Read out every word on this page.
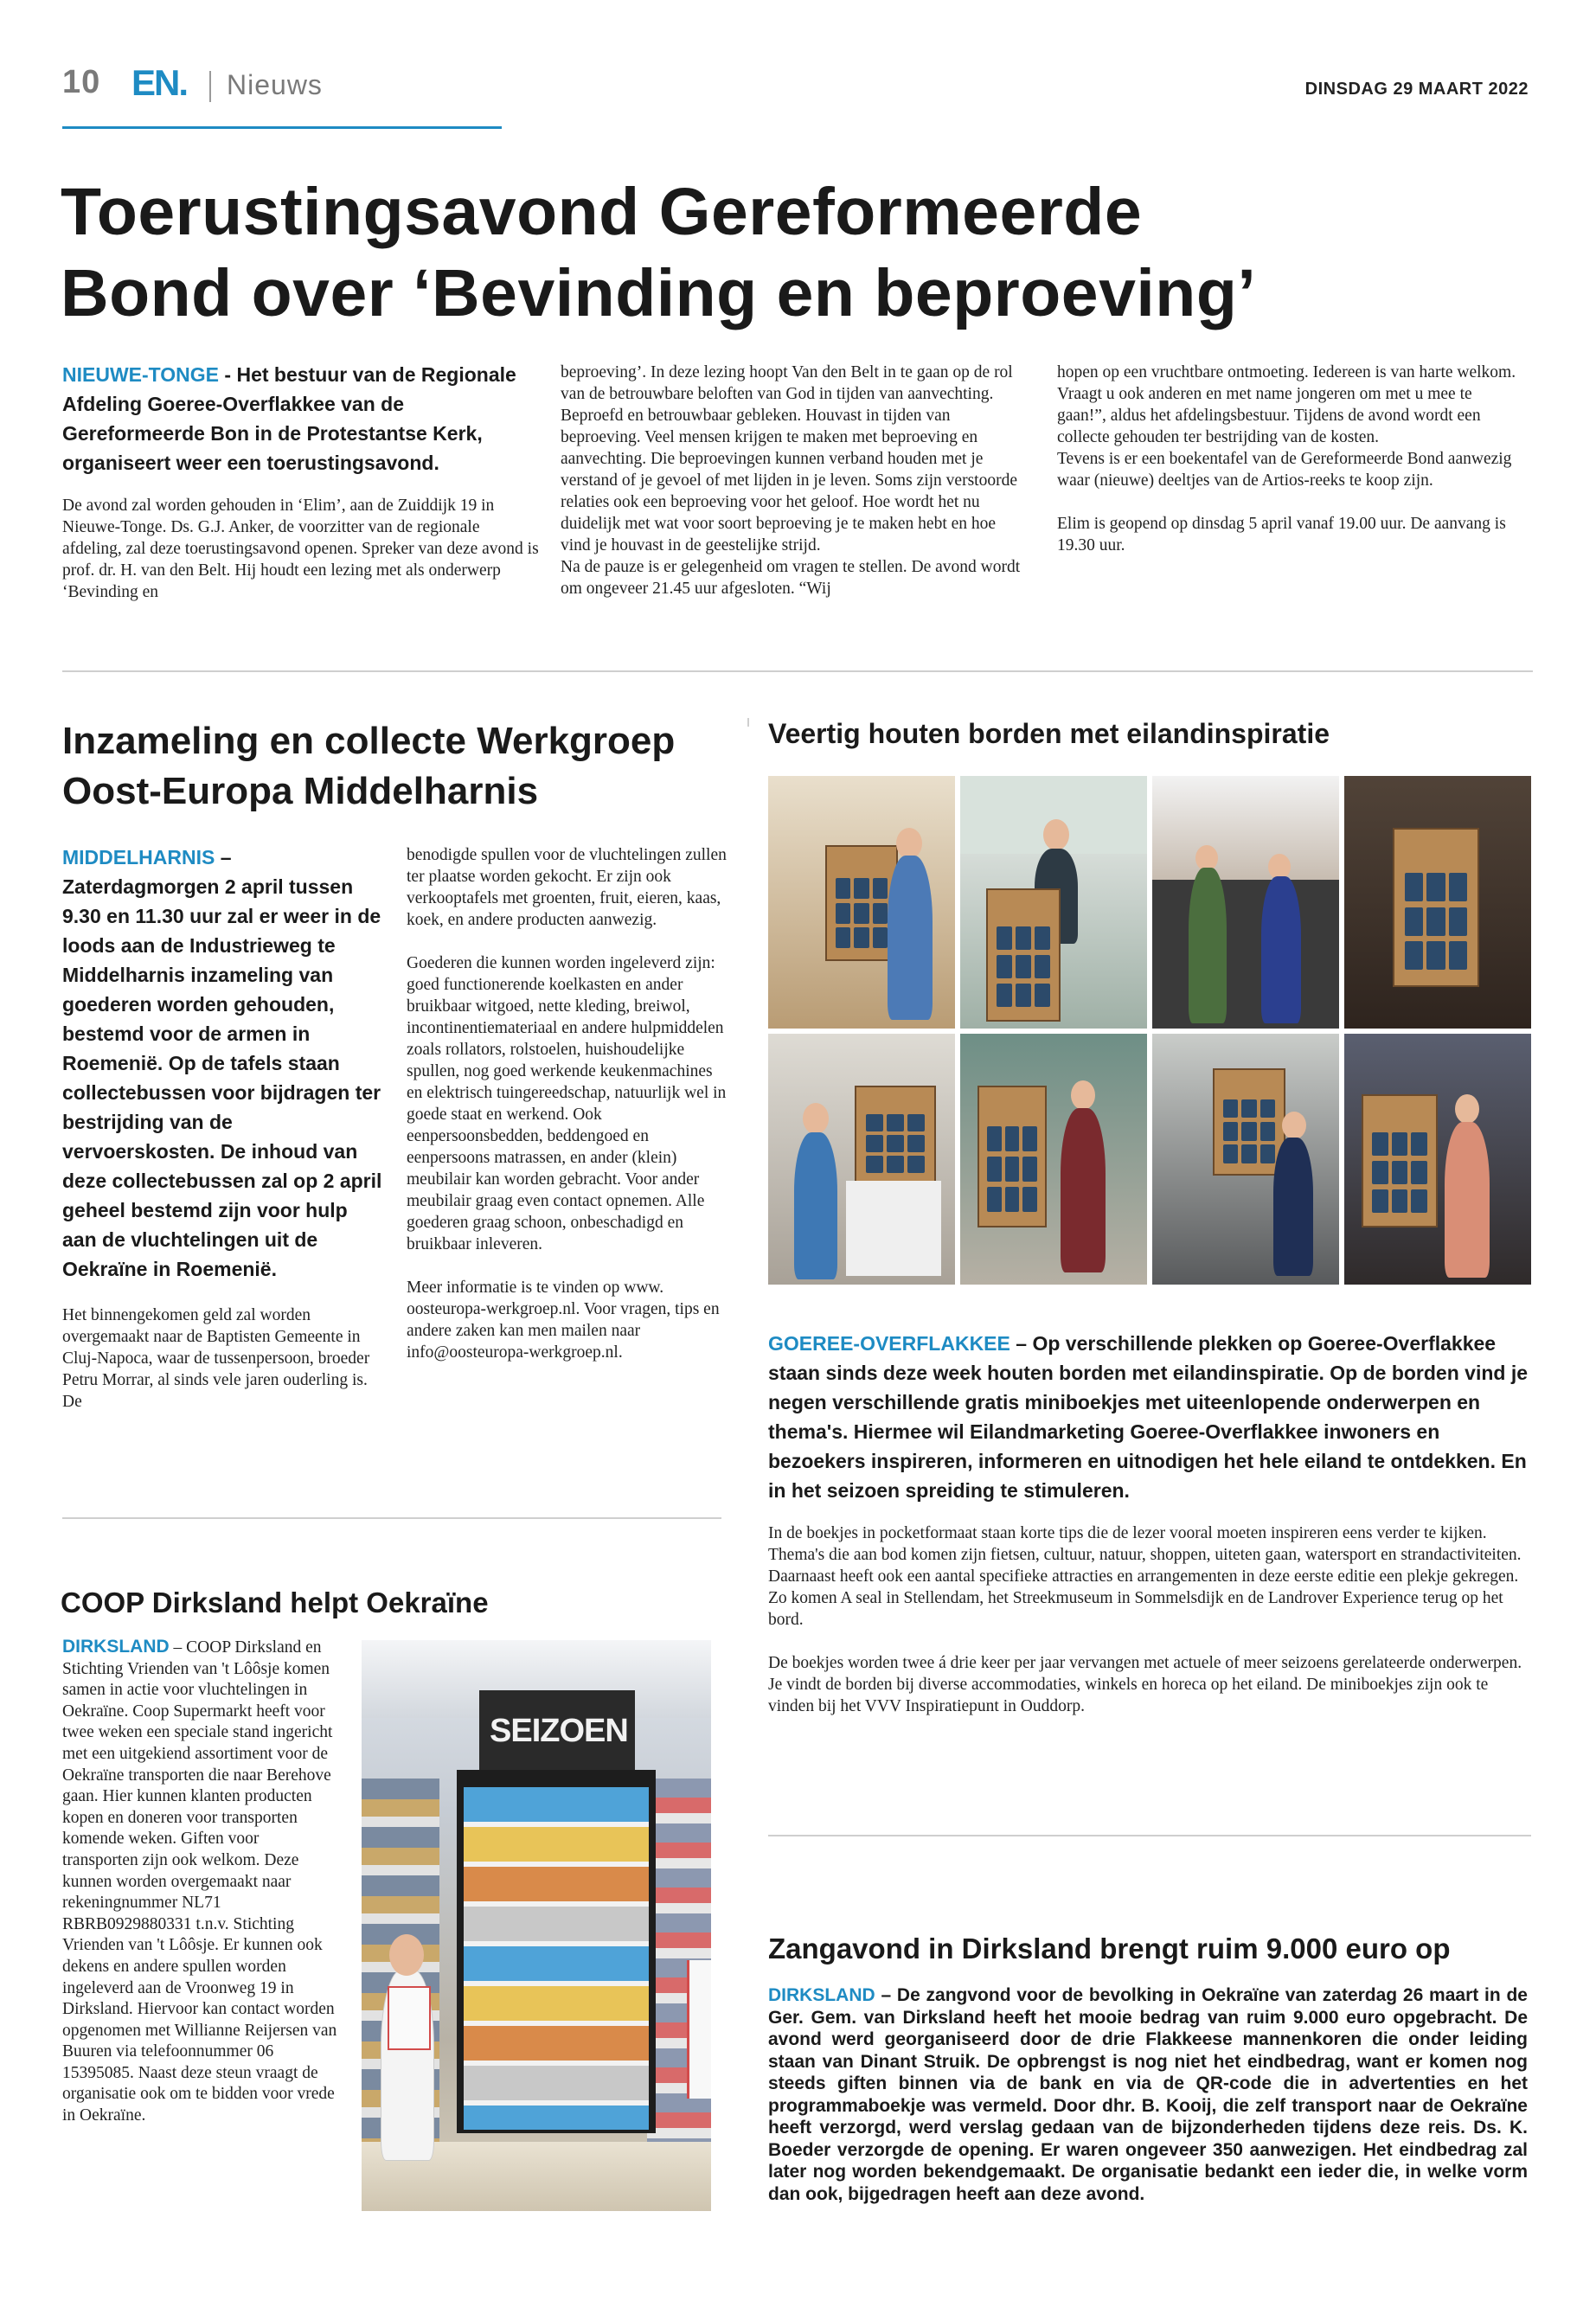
10 EN. Nieuws	DINSDAG 29 MAART 2022
Toerustingsavond Gereformeerde
Bond over ‘Bevinding en beproeving’

NIEUWE-TONGE - Het bestuur van de Regionale Afdeling Goeree-Overflakkee van de Gereformeerde Bon in de Protestantse Kerk, organiseert weer een toerustingsavond.

De avond zal worden gehouden in ‘Elim’, aan de Zuiddijk 19 in Nieuwe-Tonge. Ds. G.J. Anker, de voorzitter van de regionale afdeling, zal deze toerustingsavond openen. Spreker van deze avond is prof. dr. H. van den Belt. Hij houdt een lezing met als onderwerp ‘Bevinding en

beproeving’. In deze lezing hoopt Van den Belt in te gaan op de rol van de betrouwbare beloften van God in tijden van aanvechting. Beproefd en betrouwbaar gebleken. Houvast in tijden van beproeving. Veel mensen krijgen te maken met beproeving en aanvechting. Die beproevingen kunnen verband houden met je verstand of je gevoel of met lijden in je leven. Soms zijn verstoorde relaties ook een beproeving voor het geloof. Hoe wordt het nu duidelijk met wat voor soort beproeving je te maken hebt en hoe vind je houvast in de geestelijke strijd.

Na de pauze is er gelegenheid om vragen te stellen. De avond wordt om ongeveer 21.45 uur afgesloten. “Wij

hopen op een vruchtbare ontmoeting. Iedereen is van harte welkom. Vraagt u ook anderen en met name jongeren om met u mee te gaan!”, aldus het afdelingsbestuur. Tijdens de avond wordt een collecte gehouden ter bestrijding van de kosten.

Tevens is er een boekentafel van de Gereformeerde Bond aanwezig waar (nieuwe) deeltjes van de Artios-reeks te koop zijn.

Elim is geopend op dinsdag 5 april vanaf 19.00 uur. De aanvang is 19.30 uur.

Inzameling en collecte Werkgroep
Oost-Europa Middelharnis

MIDDELHARNIS – Zaterdagmorgen 2 april tussen 9.30 en 11.30 uur zal er weer in de loods aan de Industrieweg te Middelharnis inzameling van goederen worden gehouden, bestemd voor de armen in Roemenië. Op de tafels staan collectebussen voor bijdragen ter bestrijding van de vervoerskosten. De inhoud van deze collectebussen zal op 2 april geheel bestemd zijn voor hulp aan de vluchtelingen uit de Oekraïne in Roemenië.

Het binnengekomen geld zal worden overgemaakt naar de Baptisten Gemeente in Cluj-Napoca, waar de tussenpersoon, broeder Petru Morrar, al sinds vele jaren ouderling is. De

benodigde spullen voor de vluchtelingen zullen ter plaatse worden gekocht. Er zijn ook verkooptafels met groenten, fruit, eieren, kaas, koek, en andere producten aanwezig.

Goederen die kunnen worden ingeleverd zijn: goed functionerende koelkasten en ander bruikbaar witgoed, nette kleding, breiwol, incontinentiemateriaal en andere hulpmiddelen zoals rollators, rolstoelen, huishoudelijke spullen, nog goed werkende keukenmachines en elektrisch tuingereedschap, natuurlijk wel in goede staat en werkend. Ook eenpersoonsbedden, beddengoed en eenpersoons matrassen, en ander (klein) meubilair kan worden gebracht. Voor ander meubilair graag even contact opnemen. Alle goederen graag schoon, onbeschadigd en bruikbaar inleveren.

Meer informatie is te vinden op www. oosteuropa-werkgroep.nl. Voor vragen, tips en andere zaken kan men mailen naar info@oosteuropa-werkgroep.nl.

COOP Dirksland helpt Oekraïne
DIRKSLAND – COOP Dirksland en Stichting Vrienden van 't Lôôsje komen samen in actie voor vluchtelingen in Oekraïne. Coop Supermarkt heeft voor twee weken een speciale stand ingericht met een uitgekiend assortiment voor de Oekraïne transporten die naar Berehove gaan. Hier kunnen klanten producten kopen en doneren voor transporten komende weken. Giften voor transporten zijn ook welkom. Deze kunnen worden overgemaakt naar rekeningnummer NL71 RBRB0929880331 t.n.v. Stichting Vrienden van 't Lôôsje. Er kunnen ook dekens en andere spullen worden ingeleverd aan de Vroonweg 19 in Dirksland. Hiervoor kan contact worden opgenomen met Willianne Reijersen van Buuren via telefoonnummer 06 15395085. Naast deze steun vraagt de organisatie ook om te bidden voor vrede in Oekraïne.
SEIZOEN
Veertig houten borden met eilandinspiratie

GOEREE-OVERFLAKKEE – Op verschillende plekken op Goeree-Overflakkee staan sinds deze week houten borden met eilandinspiratie. Op de borden vind je negen verschillende gratis miniboekjes met uiteenlopende onderwerpen en thema's. Hiermee wil Eilandmarketing Goeree-Overflakkee inwoners en bezoekers inspireren, informeren en uitnodigen het hele eiland te ontdekken. En in het seizoen spreiding te stimuleren.

In de boekjes in pocketformaat staan korte tips die de lezer vooral moeten inspireren eens verder te kijken. Thema's die aan bod komen zijn fietsen, cultuur, natuur, shoppen, uiteten gaan, watersport en strandactiviteiten. Daarnaast heeft ook een aantal specifieke attracties en arrangementen in deze eerste editie een plekje gekregen. Zo komen A seal in Stellendam, het Streekmuseum in Sommelsdijk en de Landrover Experience terug op het bord.

De boekjes worden twee á drie keer per jaar vervangen met actuele of meer seizoens gerelateerde onderwerpen. Je vindt de borden bij diverse accommodaties, winkels en horeca op het eiland. De miniboekjes zijn ook te vinden bij het VVV Inspiratiepunt in Ouddorp.

Zangavond in Dirksland brengt ruim 9.000 euro op

DIRKSLAND – De zangvond voor de bevolking in Oekraïne van zaterdag 26 maart in de Ger. Gem. van Dirksland heeft het mooie bedrag van ruim 9.000 euro opgebracht. De avond werd georganiseerd door de drie Flakkeese mannenkoren die onder leiding staan van Dinant Struik. De opbrengst is nog niet het eindbedrag, want er komen nog steeds giften binnen via de bank en via de QR-code die in advertenties en het programmaboekje was vermeld. Door dhr. B. Kooij, die zelf transport naar de Oekraïne heeft verzorgd, werd verslag gedaan van de bijzonderheden tijdens deze reis. Ds. K. Boeder verzorgde de opening. Er waren ongeveer 350 aanwezigen. Het eindbedrag zal later nog worden bekendgemaakt. De organisatie bedankt een ieder die, in welke vorm dan ook, bijgedragen heeft aan deze avond.
